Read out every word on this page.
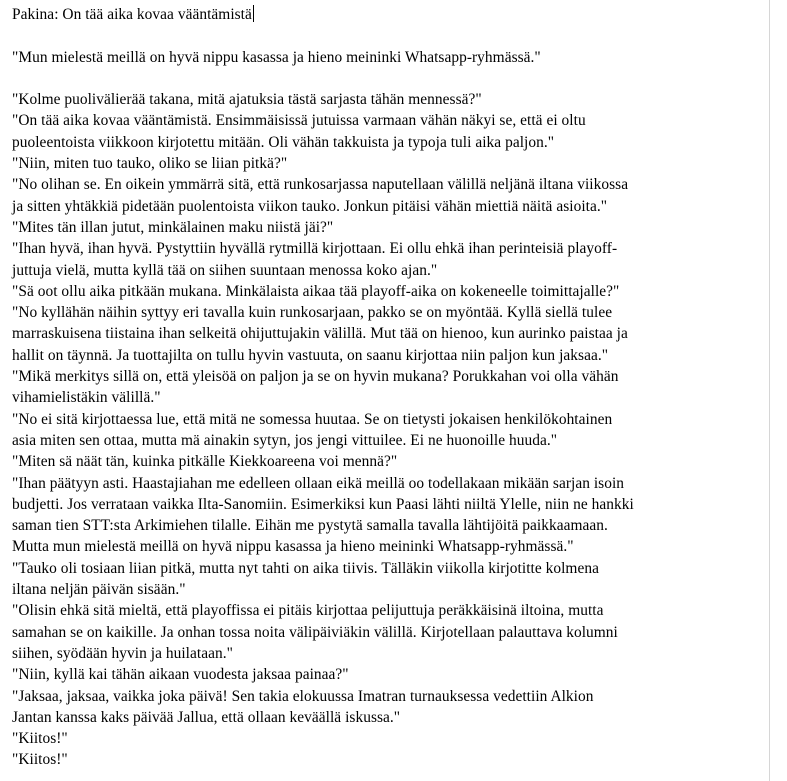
Pakina: On tää aika kovaa vääntämistä
"Mun mielestä meillä on hyvä nippu kasassa ja hieno meininki Whatsapp-ryhmässä."
"Kolme puolivälierää takana, mitä ajatuksia tästä sarjasta tähän mennessä?"
"On tää aika kovaa vääntämistä. Ensimmäisissä jutuissa varmaan vähän näkyi se, että ei oltu
puoleentoista viikkoon kirjotettu mitään. Oli vähän takkuista ja typoja tuli aika paljon."
"Niin, miten tuo tauko, oliko se liian pitkä?"
"No olihan se. En oikein ymmärrä sitä, että runkosarjassa naputellaan välillä neljänä iltana viikossa
ja sitten yhtäkkiä pidetään puolentoista viikon tauko. Jonkun pitäisi vähän miettiä näitä asioita."
"Mites tän illan jutut, minkälainen maku niistä jäi?"
"Ihan hyvä, ihan hyvä. Pystyttiin hyvällä rytmillä kirjottaan. Ei ollu ehkä ihan perinteisiä playoff-
juttuja vielä, mutta kyllä tää on siihen suuntaan menossa koko ajan."
"Sä oot ollu aika pitkään mukana. Minkälaista aikaa tää playoff-aika on kokeneelle toimittajalle?"
"No kyllähän näihin syttyy eri tavalla kuin runkosarjaan, pakko se on myöntää. Kyllä siellä tulee
marraskuisena tiistaina ihan selkeitä ohijuttujakin välillä. Mut tää on hienoo, kun aurinko paistaa ja
hallit on täynnä. Ja tuottajilta on tullu hyvin vastuuta, on saanu kirjottaa niin paljon kun jaksaa."
"Mikä merkitys sillä on, että yleisöä on paljon ja se on hyvin mukana? Porukkahan voi olla vähän
vihamielistäkin välillä."
"No ei sitä kirjottaessa lue, että mitä ne somessa huutaa. Se on tietysti jokaisen henkilökohtainen
asia miten sen ottaa, mutta mä ainakin sytyn, jos jengi vittuilee. Ei ne huonoille huuda."
"Miten sä näät tän, kuinka pitkälle Kiekkoareena voi mennä?"
"Ihan päätyyn asti. Haastajiahan me edelleen ollaan eikä meillä oo todellakaan mikään sarjan isoin
budjetti. Jos verrataan vaikka Ilta-Sanomiin. Esimerkiksi kun Paasi lähti niiltä Ylelle, niin ne hankki
saman tien STT:sta Arkimiehen tilalle. Eihän me pystytä samalla tavalla lähtijöitä paikkaamaan.
Mutta mun mielestä meillä on hyvä nippu kasassa ja hieno meininki Whatsapp-ryhmässä."
"Tauko oli tosiaan liian pitkä, mutta nyt tahti on aika tiivis. Tälläkin viikolla kirjotitte kolmena
iltana neljän päivän sisään."
"Olisin ehkä sitä mieltä, että playoffissa ei pitäis kirjottaa pelijuttuja peräkkäisinä iltoina, mutta
samahan se on kaikille. Ja onhan tossa noita välipäiviäkin välillä. Kirjotellaan palauttava kolumni
siihen, syödään hyvin ja huilataan."
"Niin, kyllä kai tähän aikaan vuodesta jaksaa painaa?"
"Jaksaa, jaksaa, vaikka joka päivä! Sen takia elokuussa Imatran turnauksessa vedettiin Alkion
Jantan kanssa kaks päivää Jallua, että ollaan keväällä iskussa."
"Kiitos!"
"Kiitos!"
